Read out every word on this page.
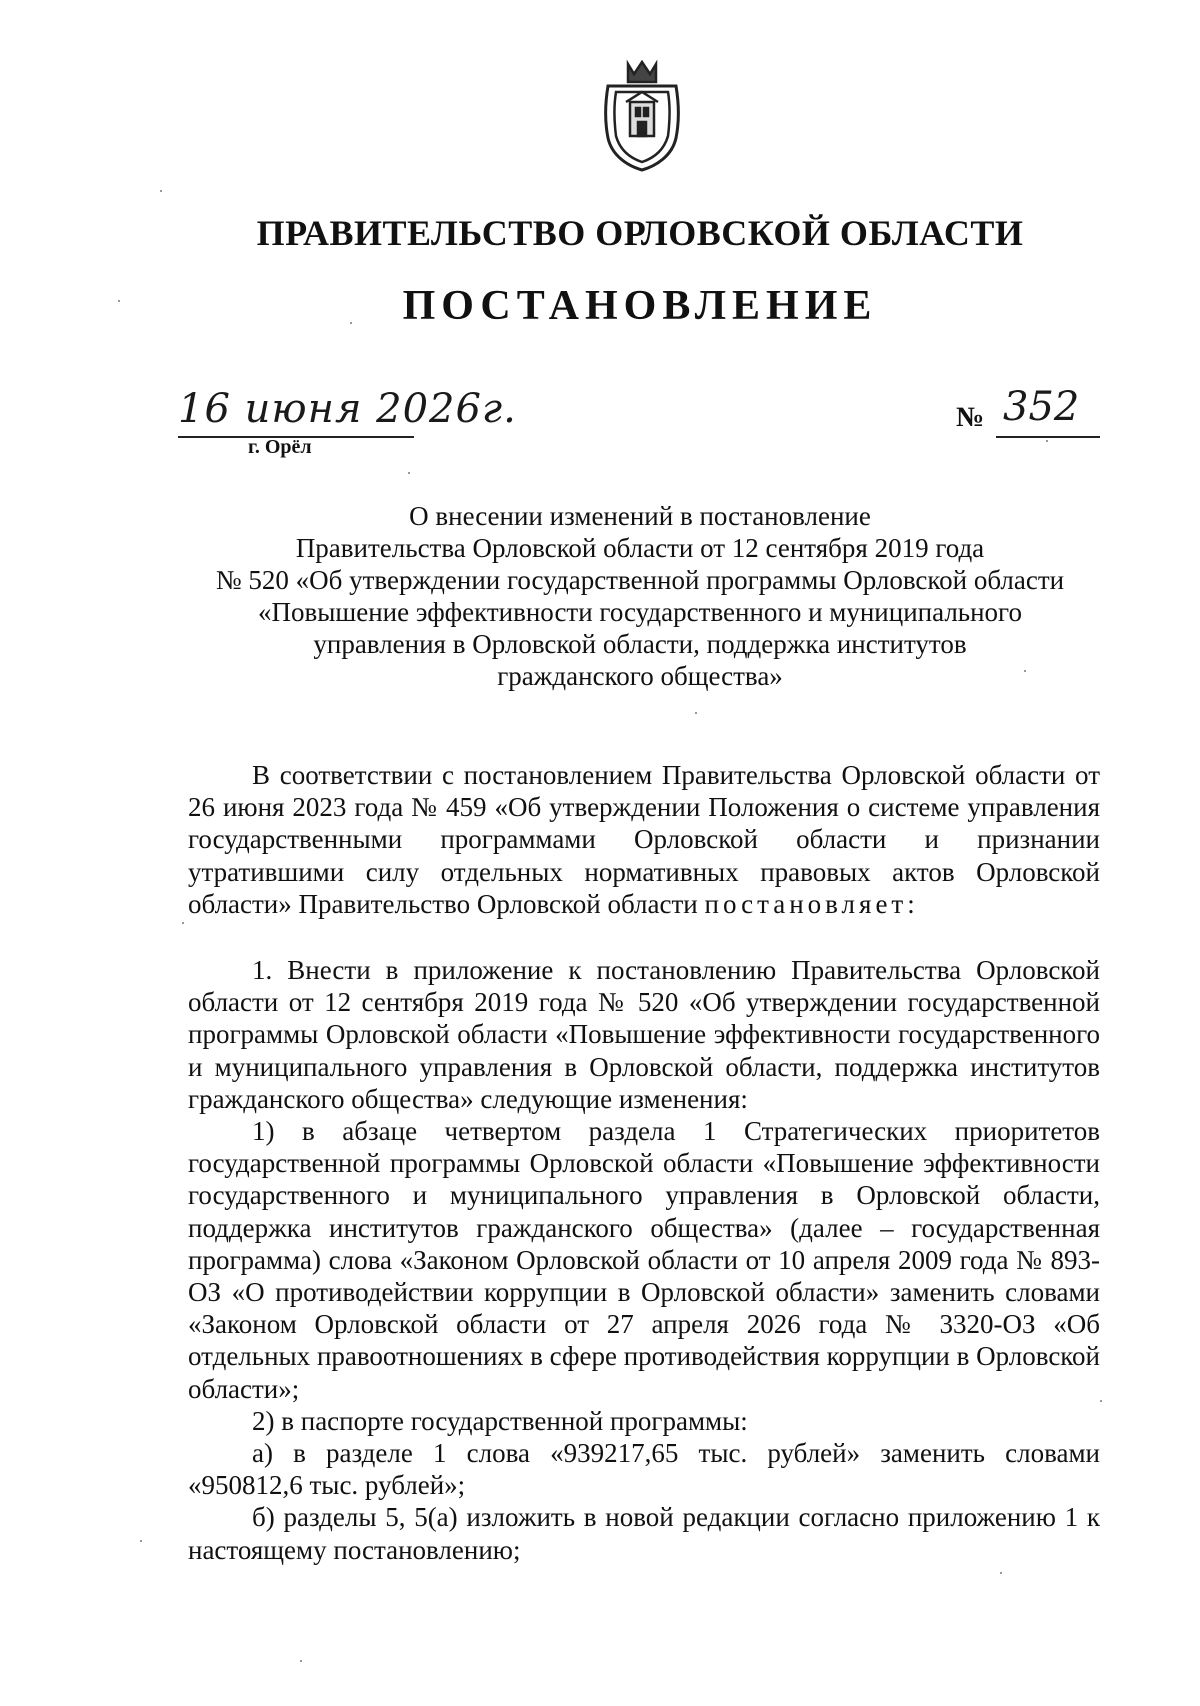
ПРАВИТЕЛЬСТВО ОРЛОВСКОЙ ОБЛАСТИ
ПОСТАНОВЛЕНИЕ
16 июня 2026г.
г. Орёл
№ 352
О внесении изменений в постановление
Правительства Орловской области от 12 сентября 2019 года
№ 520 «Об утверждении государственной программы Орловской области
«Повышение эффективности государственного и муниципального
управления в Орловской области, поддержка институтов
гражданского общества»

В соответствии с постановлением Правительства Орловской области от 26 июня 2023 года № 459 «Об утверждении Положения о системе управления государственными программами Орловской области и признании утратившими силу отдельных нормативных правовых актов Орловской области» Правительство Орловской области постановляет:

1. Внести в приложение к постановлению Правительства Орловской области от 12 сентября 2019 года № 520 «Об утверждении государственной программы Орловской области «Повышение эффективности государственного и муниципального управления в Орловской области, поддержка институтов гражданского общества» следующие изменения:

1) в абзаце четвертом раздела 1 Стратегических приоритетов государственной программы Орловской области «Повышение эффективности государственного и муниципального управления в Орловской области, поддержка институтов гражданского общества» (далее – государственная программа) слова «Законом Орловской области от 10 апреля 2009 года № 893-ОЗ «О противодействии коррупции в Орловской области» заменить словами «Законом Орловской области от 27 апреля 2026 года № 3320-ОЗ «Об отдельных правоотношениях в сфере противодействия коррупции в Орловской области»;

2) в паспорте государственной программы:

а) в разделе 1 слова «939217,65 тыс. рублей» заменить словами «950812,6 тыс. рублей»;

б) разделы 5, 5(а) изложить в новой редакции согласно приложению 1 к настоящему постановлению;
